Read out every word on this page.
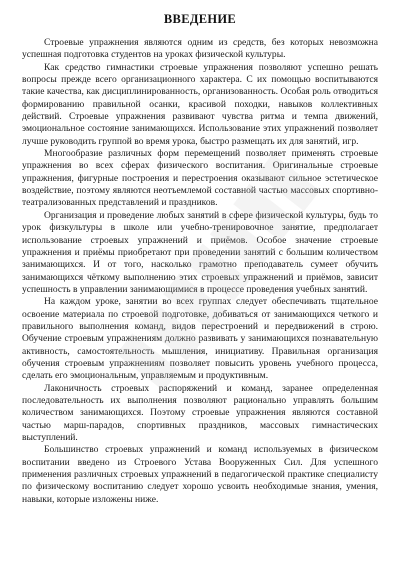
ВВЕДЕНИЕ

Строевые упражнения являются одним из средств, без которых невозможна успешная подготовка студентов на уроках физической культуры.

Как средство гимнастики строевые упражнения позволяют успешно решать вопросы прежде всего организационного характера. С их помощью воспитываются такие качества, как дисциплинированность, организованность. Особая роль отводиться формированию правильной осанки, красивой походки, навыков коллективных действий. Строевые упражнения развивают чувства ритма и темпа движений, эмоциональное состояние занимающихся. Использование этих упражнений позволяет лучше руководить группой во время урока, быстро размещать их для занятий, игр.

Многообразие различных форм перемещений позволяет применять строевые упражнения во всех сферах физического воспитания. Оригинальные строевые упражнения, фигурные построения и перестроения оказывают сильное эстетическое воздействие, поэтому являются неотъемлемой составной частью массовых спортивно-театрализованных представлений и праздников.

Организация и проведение любых занятий в сфере физической культуры, будь то урок физкультуры в школе или учебно-тренировочное занятие, предполагает использование строевых упражнений и приёмов. Особое значение строевые упражнения и приёмы приобретают при проведении занятий с большим количеством занимающихся. И от того, насколько грамотно преподаватель сумеет обучить занимающихся чёткому выполнению этих строевых упражнений и приёмов, зависит успешность в управлении занимающимися в процессе проведения учебных занятий.

На каждом уроке, занятии во всех группах следует обеспечивать тщательное освоение материала по строевой подготовке, добиваться от занимающихся четкого и правильного выполнения команд, видов перестроений и передвижений в строю. Обучение строевым упражнениям должно развивать у занимающихся познавательную активность, самостоятельность мышления, инициативу. Правильная организация обучения строевым упражнениям позволяет повысить уровень учебного процесса, сделать его эмоциональным, управляемым и продуктивным.

Лаконичность строевых распоряжений и команд, заранее определенная последовательность их выполнения позволяют рационально управлять большим количеством занимающихся. Поэтому строевые упражнения являются составной частью марш-парадов, спортивных праздников, массовых гимнастических выступлений.

Большинство строевых упражнений и команд используемых в физическом воспитании введено из Строевого Устава Вооруженных Сил. Для успешного применения различных строевых упражнений в педагогической практике специалисту по физическому воспитанию следует хорошо усвоить необходимые знания, умения, навыки, которые изложены ниже.
